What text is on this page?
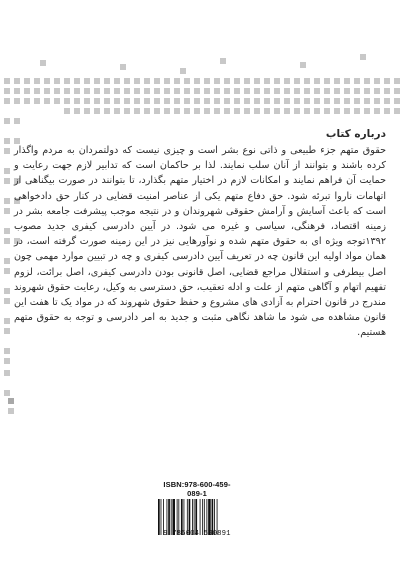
درباره کتاب

حقوق متهم جزء طبیعی و ذاتی نوع بشر است و چیزی نیست که دولتمردان به مردم واگذار کرده باشند و بتوانند از آنان سلب نمایند. لذا بر حاکمان است که تدابیر لازم جهت رعایت و حمایت آن فراهم نمایند و امکانات لازم در اختیار متهم بگذارد، تا بتوانند در صورت بیگناهی از اتهامات ناروا تبرئه شود. حق دفاع متهم یکی از عناصر امنیت قضایی در کنار حق دادخواهی است که باعث آسایش و آرامش حقوقی شهروندان و در نتیجه موجب پیشرفت جامعه بشر در زمینه اقتصاد، فرهنگی، سیاسی و غیره می شود. در آیین دادرسی کیفری جدید مصوب ۱۳۹۲توجه ویژه ای به حقوق متهم شده و نوآورهایی نیز در این زمینه صورت گرفته است، در همان مواد اولیه این قانون چه در تعریف آیین دادرسی کیفری و چه در تبیین موارد مهمی چون اصل بیطرفی و استقلال مراجع قضایی، اصل قانونی بودن دادرسی کیفری، اصل برائت، لزوم تفهیم اتهام و آگاهی متهم از علت و ادله تعقیب، حق دسترسی به وکیل، رعایت حقوق شهروند مندرج در قانون احترام به آزادی های مشروع و حفظ حقوق شهروند که در مواد یک تا هفت این قانون مشاهده می شود ما شاهد نگاهی مثبت و جدید به امر دادرسی و توجه به حقوق متهم هستیم.

ISBN:978-600-459-089-1
9 786004 590891
